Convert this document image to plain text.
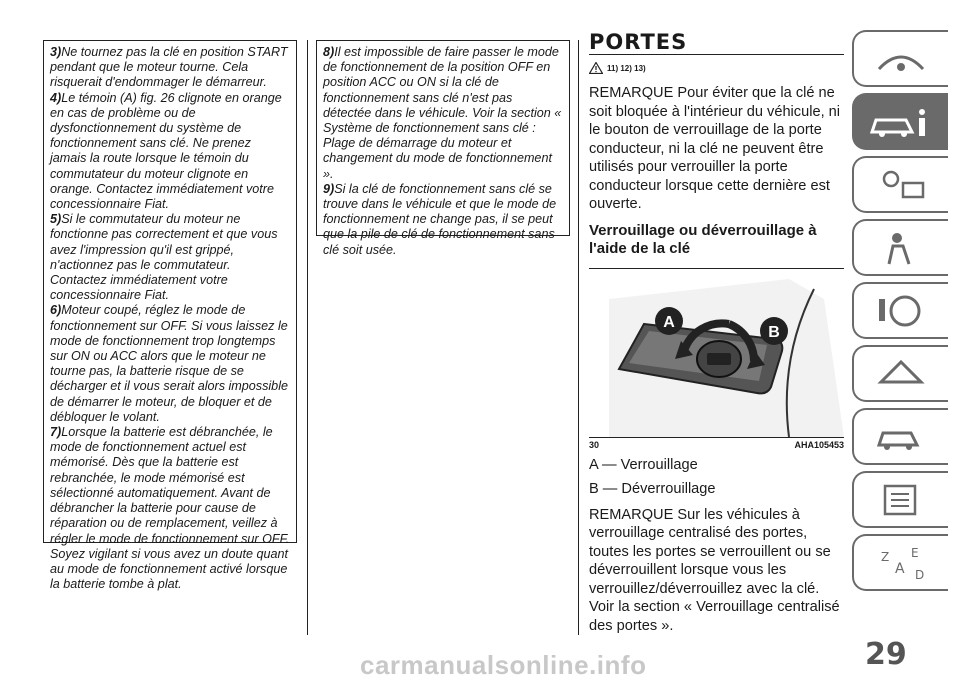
3)Ne tournez pas la clé en position START pendant que le moteur tourne. Cela risquerait d'endommager le démarreur.

4)Le témoin (A) fig. 26 clignote en orange en cas de problème ou de dysfonctionnement du système de fonctionnement sans clé. Ne prenez jamais la route lorsque le témoin du commutateur du moteur clignote en orange. Contactez immédiatement votre concessionnaire Fiat.

5)Si le commutateur du moteur ne fonctionne pas correctement et que vous avez l'impression qu'il est grippé, n'actionnez pas le commutateur. Contactez immédiatement votre concessionnaire Fiat.

6)Moteur coupé, réglez le mode de fonctionnement sur OFF. Si vous laissez le mode de fonctionnement trop longtemps sur ON ou ACC alors que le moteur ne tourne pas, la batterie risque de se décharger et il vous serait alors impossible de démarrer le moteur, de bloquer et de débloquer le volant.

7)Lorsque la batterie est débranchée, le mode de fonctionnement actuel est mémorisé. Dès que la batterie est rebranchée, le mode mémorisé est sélectionné automatiquement. Avant de débrancher la batterie pour cause de réparation ou de remplacement, veillez à régler le mode de fonctionnement sur OFF. Soyez vigilant si vous avez un doute quant au mode de fonctionnement activé lorsque la batterie tombe à plat.

8)Il est impossible de faire passer le mode de fonctionnement de la position OFF en position ACC ou ON si la clé de fonctionnement sans clé n'est pas détectée dans le véhicule. Voir la section « Système de fonctionnement sans clé : Plage de démarrage du moteur et changement du mode de fonctionnement ».

9)Si la clé de fonctionnement sans clé se trouve dans le véhicule et que le mode de fonctionnement ne change pas, il se peut que la pile de clé de fonctionnement sans clé soit usée.

PORTES
11) 12) 13)

REMARQUE Pour éviter que la clé ne soit bloquée à l'intérieur du véhicule, ni le bouton de verrouillage de la porte conducteur, ni la clé ne peuvent être utilisés pour verrouiller la porte conducteur lorsque cette dernière est ouverte.

Verrouillage ou déverrouillage à l'aide de la clé
A
B
30	AHA105453

A — Verrouillage

B — Déverrouillage

REMARQUE Sur les véhicules à verrouillage centralisé des portes, toutes les portes se verrouillent ou se déverrouillent lorsque vous les verrouillez/déverrouillez avec la clé. Voir la section « Verrouillage centralisé des portes ».

Z E
A D
29
carmanualsonline.info
